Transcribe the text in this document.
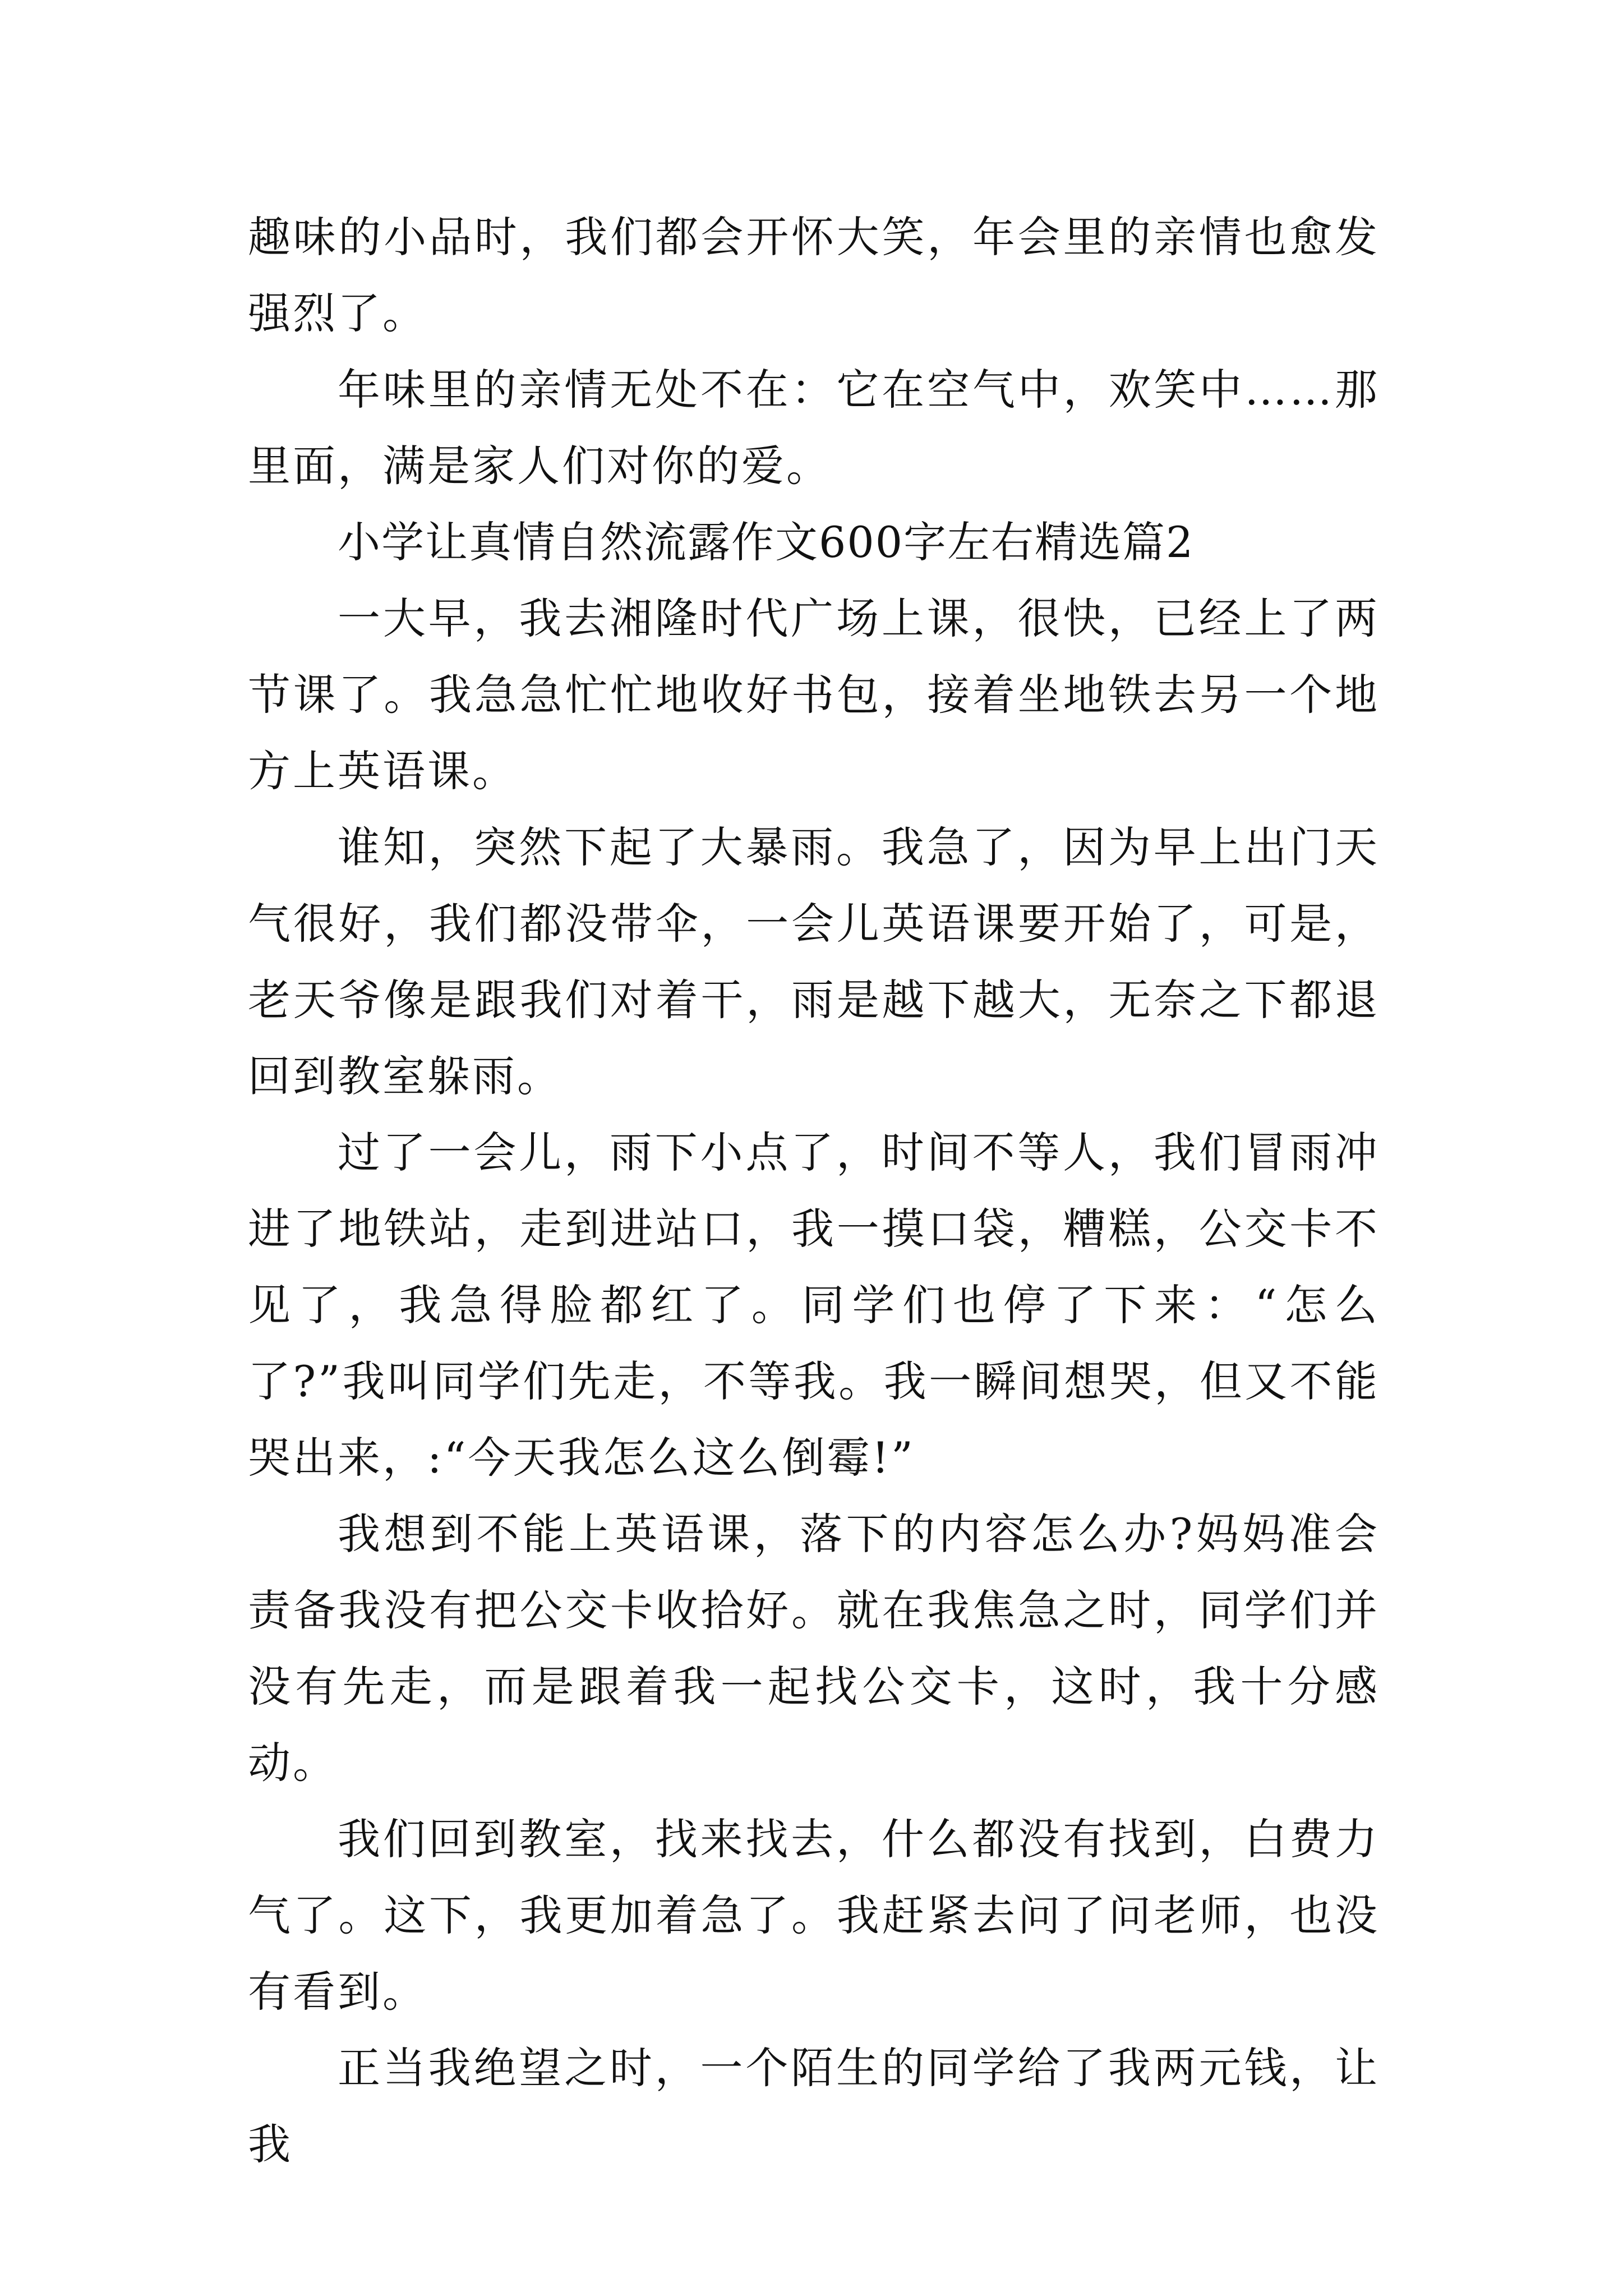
趣味的小品时，我们都会开怀大笑，年会里的亲情也愈发强烈了。

年味里的亲情无处不在：它在空气中，欢笑中……那里面，满是家人们对你的爱。

小学让真情自然流露作文600字左右精选篇2

一大早，我去湘隆时代广场上课，很快，已经上了两节课了。我急急忙忙地收好书包，接着坐地铁去另一个地方上英语课。

谁知，突然下起了大暴雨。我急了，因为早上出门天气很好，我们都没带伞，一会儿英语课要开始了，可是，老天爷像是跟我们对着干，雨是越下越大，无奈之下都退回到教室躲雨。

过了一会儿，雨下小点了，时间不等人，我们冒雨冲进了地铁站，走到进站口，我一摸口袋，糟糕，公交卡不见了，我急得脸都红了。同学们也停了下来：“怎么了?”我叫同学们先走，不等我。我一瞬间想哭，但又不能哭出来，:“今天我怎么这么倒霉!”

我想到不能上英语课，落下的内容怎么办?妈妈准会责备我没有把公交卡收拾好。就在我焦急之时，同学们并没有先走，而是跟着我一起找公交卡，这时，我十分感动。

我们回到教室，找来找去，什么都没有找到，白费力气了。这下，我更加着急了。我赶紧去问了问老师，也没有看到。

正当我绝望之时，一个陌生的同学给了我两元钱，让我
